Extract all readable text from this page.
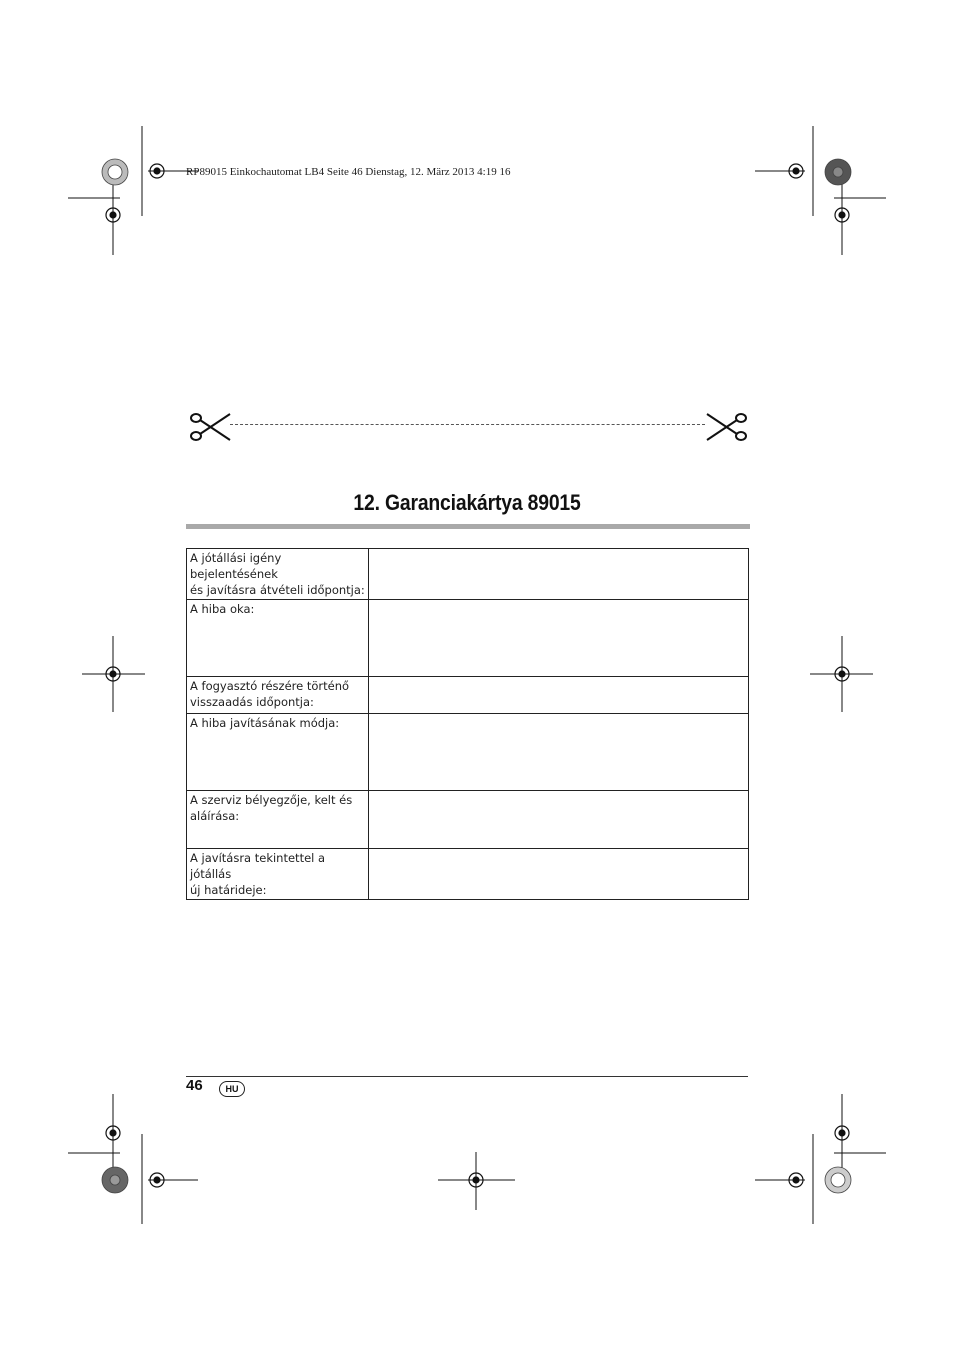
RP89015 Einkochautomat LB4 Seite 46 Dienstag, 12. März 2013 4:19 16
12. Garanciakártya 89015
A jótállási igény bejelentésének
és javításra átvételi időpontja:	
A hiba oka:	
A fogyasztó részére történő
visszaadás időpontja:	
A hiba javításának módja:	
A szerviz bélyegzője, kelt és
aláírása:	
A javításra tekintettel a jótállás
új határideje:	
46	HU
